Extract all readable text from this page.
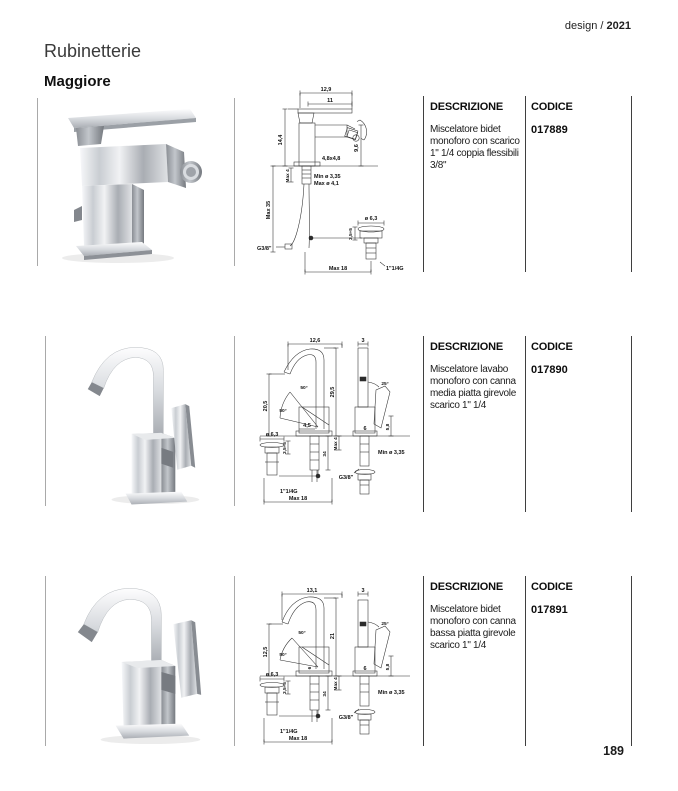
design / 2021
Rubinetterie
Maggiore	12,9
11
14,4
9,6
4,8x4,8
Min ø 3,35
Max ø 4,1
Max 4
Max 35
G3/8"
ø 6,3
3,5÷5
1"1/4G
Max 18
DESCRIZIONE	CODICE
Miscelatore bidet monoforo con scarico 1" 1/4 coppia flessibili 3/8"
017889
12,6	3
20,5
29,5
50°
50°
25°
4,5	6	5,8
34
Max 4
G3/8"
Min ø 3,35
ø 6,3
3,5÷5
1"1/4G
Max 18
DESCRIZIONE	CODICE
Miscelatore lavabo monoforo con canna media piatta girevole scarico 1" 1/4
017890
13,1	3
12,5
21
50°
50°
25°
6	6	5,8
34
Max 4
G3/8"
Min ø 3,35
ø 6,3
3,5÷5
1"1/4G
Max 18
DESCRIZIONE	CODICE
Miscelatore bidet monoforo con canna bassa piatta girevole scarico 1" 1/4
017891
189
